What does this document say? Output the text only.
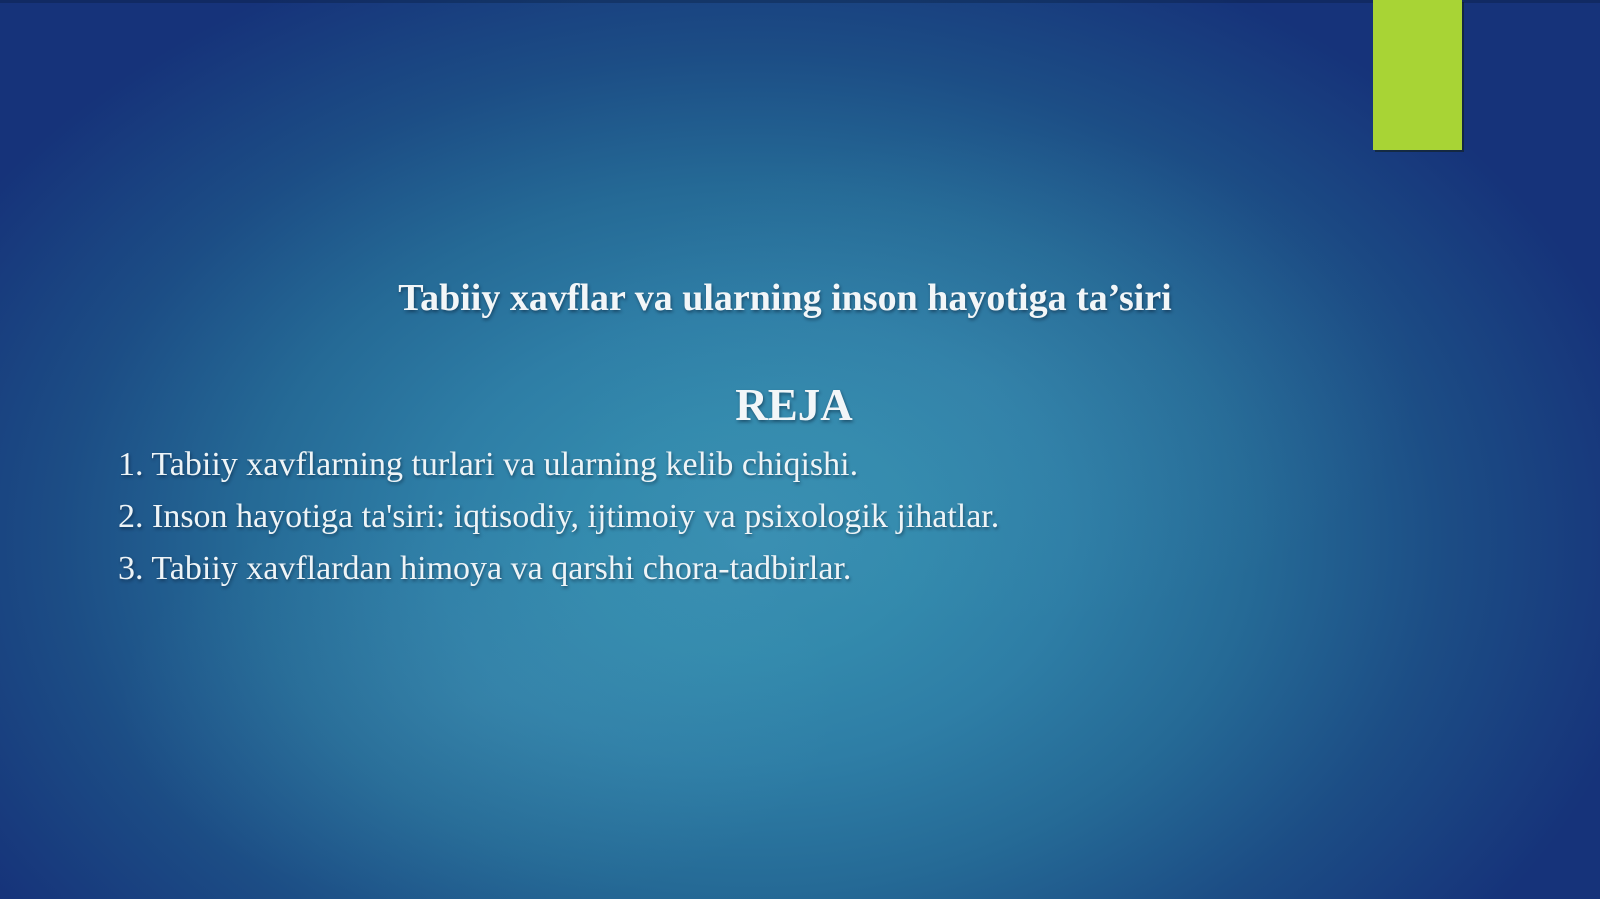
Tabiiy xavflar va ularning inson hayotiga ta’siri
REJA
1. Tabiiy xavflarning turlari va ularning kelib chiqishi.
2. Inson hayotiga ta'siri: iqtisodiy, ijtimoiy va psixologik jihatlar.
3. Tabiiy xavflardan himoya va qarshi chora-tadbirlar.
